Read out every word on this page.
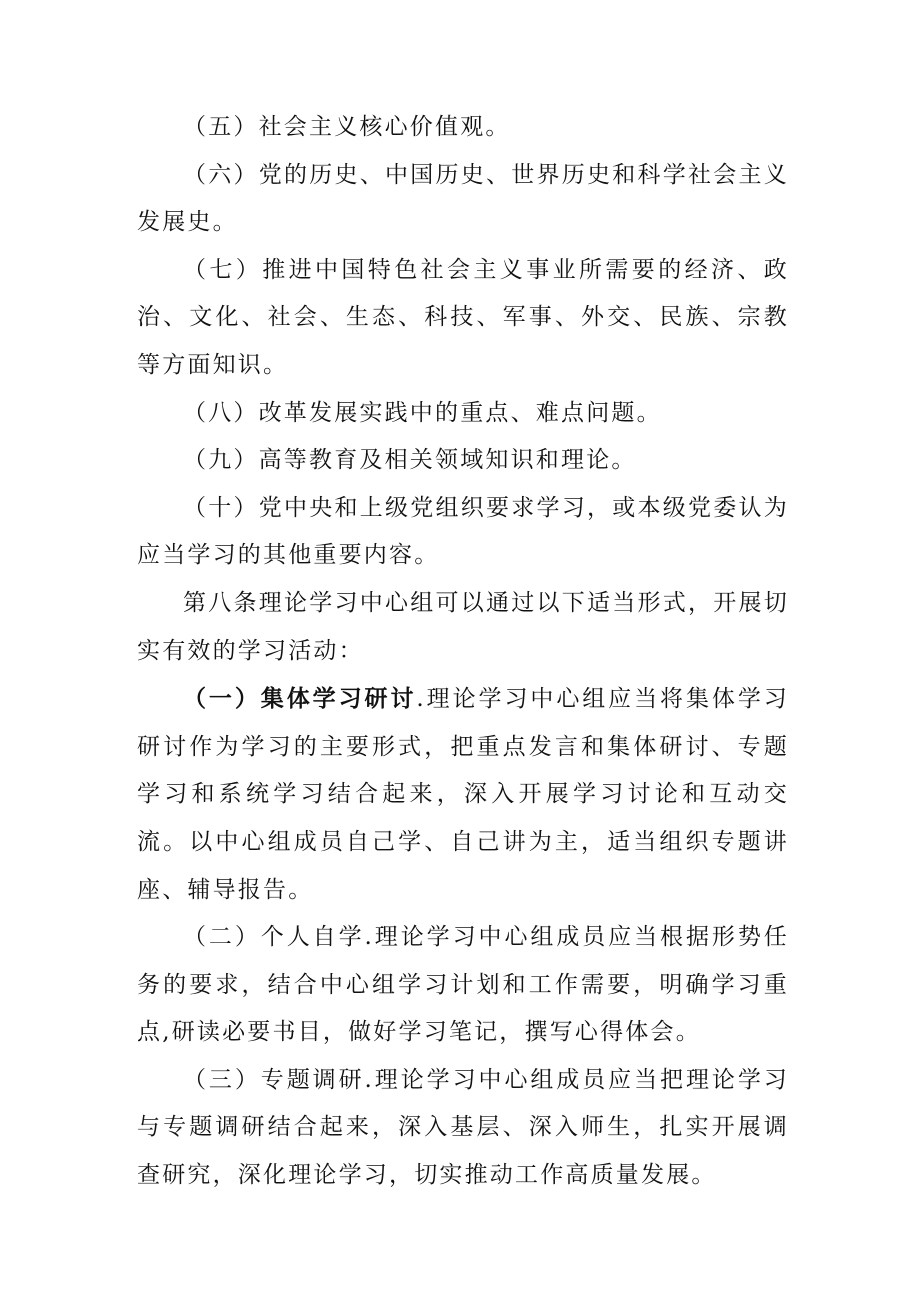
（五）社会主义核心价值观。

（六）党的历史、中国历史、世界历史和科学社会主义发展史。

（七）推进中国特色社会主义事业所需要的经济、政治、文化、社会、生态、科技、军事、外交、民族、宗教等方面知识。

（八）改革发展实践中的重点、难点问题。

（九）高等教育及相关领域知识和理论。

（十）党中央和上级党组织要求学习，或本级党委认为应当学习的其他重要内容。

第八条理论学习中心组可以通过以下适当形式，开展切实有效的学习活动：

（一）集体学习研讨.理论学习中心组应当将集体学习研讨作为学习的主要形式，把重点发言和集体研讨、专题学习和系统学习结合起来，深入开展学习讨论和互动交流。以中心组成员自己学、自己讲为主，适当组织专题讲座、辅导报告。

（二）个人自学.理论学习中心组成员应当根据形势任务的要求，结合中心组学习计划和工作需要，明确学习重点,研读必要书目，做好学习笔记，撰写心得体会。

（三）专题调研.理论学习中心组成员应当把理论学习与专题调研结合起来，深入基层、深入师生，扎实开展调查研究，深化理论学习，切实推动工作高质量发展。
